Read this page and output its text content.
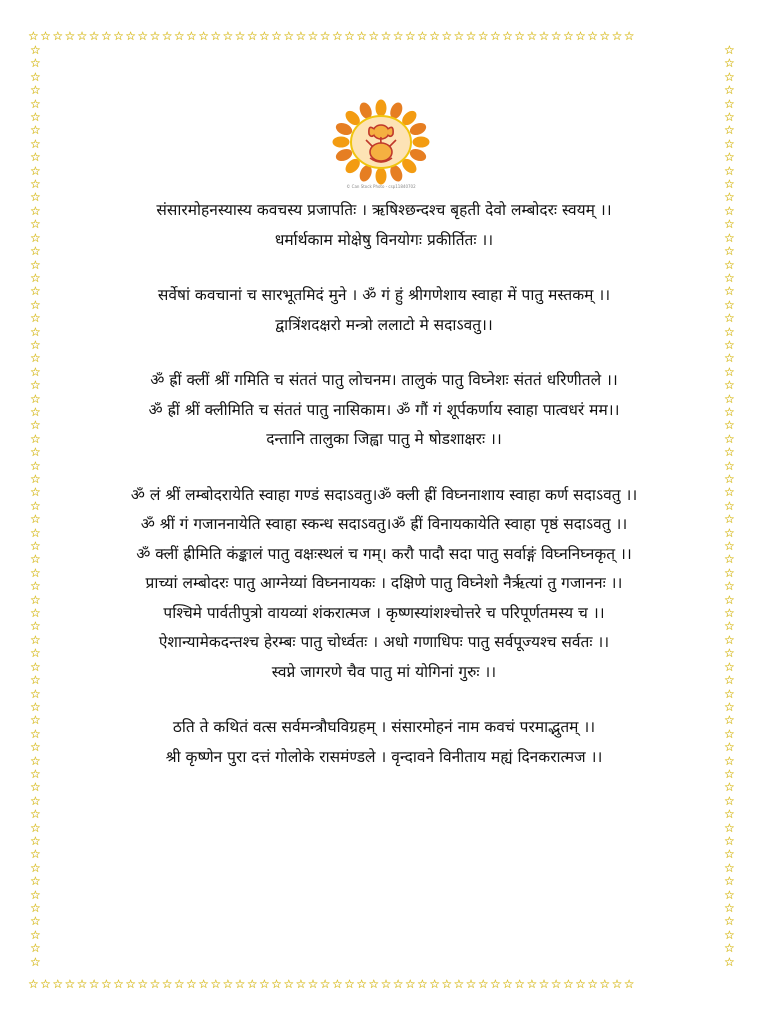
☆☆☆☆☆☆☆☆☆☆☆☆☆☆☆☆☆☆☆☆☆☆☆☆☆☆☆☆☆☆☆☆☆☆☆☆☆☆☆☆☆☆☆☆☆☆☆☆☆☆
☆☆☆☆☆☆☆☆☆☆☆☆☆☆☆☆☆☆☆☆☆☆☆☆☆☆☆☆☆☆☆☆☆☆☆☆☆☆☆☆☆☆☆☆☆☆☆☆☆☆
☆☆☆☆☆☆☆☆☆☆☆☆☆☆☆☆☆☆☆☆☆☆☆☆☆☆☆☆☆☆☆☆☆☆☆☆☆☆☆☆☆☆☆☆☆☆☆☆☆☆☆☆☆☆☆☆☆☆☆☆☆☆☆☆☆☆☆☆☆
☆☆☆☆☆☆☆☆☆☆☆☆☆☆☆☆☆☆☆☆☆☆☆☆☆☆☆☆☆☆☆☆☆☆☆☆☆☆☆☆☆☆☆☆☆☆☆☆☆☆☆☆☆☆☆☆☆☆☆☆☆☆☆☆☆☆☆☆☆
© Can Stock Photo - csp11840702
संसारमोहनस्यास्य कवचस्य प्रजापतिः । ऋषिश्छन्दश्च बृहती देवो लम्बोदरः स्वयम् ।।
धर्मार्थकाम मोक्षेषु विनयोगः प्रकीर्तितः ।।
सर्वेषां कवचानां च सारभूतमिदं मुने । ॐ गं हुं श्रीगणेशाय स्वाहा में पातु मस्तकम् ।।
द्वात्रिंशदक्षरो मन्त्रो ललाटो मे सदाऽवतु।।
ॐ ह्रीं क्लीं श्रीं गमिति च संततं पातु लोचनम। तालुकं पातु विघ्नेशः संततं धरिणीतले ।।
ॐ ह्रीं श्रीं क्लीमिति च संततं पातु नासिकाम। ॐ गौं गं शूर्पकर्णाय स्वाहा पात्वधरं मम।।
दन्तानि तालुका जिह्वा पातु मे षोडशाक्षरः ।।
ॐ लं श्रीं लम्बोदरायेति स्वाहा गण्डं सदाऽवतु।ॐ क्ली ह्रीं विघ्ननाशाय स्वाहा कर्ण सदाऽवतु ।।
ॐ श्रीं गं गजाननायेति स्वाहा स्कन्ध सदाऽवतु।ॐ ह्रीं विनायकायेति स्वाहा पृष्ठं सदाऽवतु ।।
ॐ क्लीं ह्रीमिति कंङ्कालं पातु वक्षःस्थलं च गम्। करौ पादौ सदा पातु सर्वाङ्गं विघ्ननिघ्नकृत् ।।
प्राच्यां लम्बोदरः पातु आग्नेय्यां विघ्ननायकः । दक्षिणे पातु विघ्नेशो नैर्ऋत्यां तु गजाननः ।।
पश्चिमे पार्वतीपुत्रो वायव्यां शंकरात्मज । कृष्णस्यांशश्चोत्तरे च परिपूर्णतमस्य च ।।
ऐशान्यामेकदन्तश्च हेरम्बः पातु चोर्ध्वतः । अधो गणाधिपः पातु सर्वपूज्यश्च सर्वतः ।।
स्वप्ने जागरणे चैव पातु मां योगिनां गुरुः ।।
ठति ते कथितं वत्स सर्वमन्त्रौघविग्रहम् । संसारमोहनं नाम कवचं परमाद्भुतम् ।।
श्री कृष्णेन पुरा दत्तं गोलोके रासमंण्डले । वृन्दावने विनीताय मह्यं दिनकरात्मज ।।
